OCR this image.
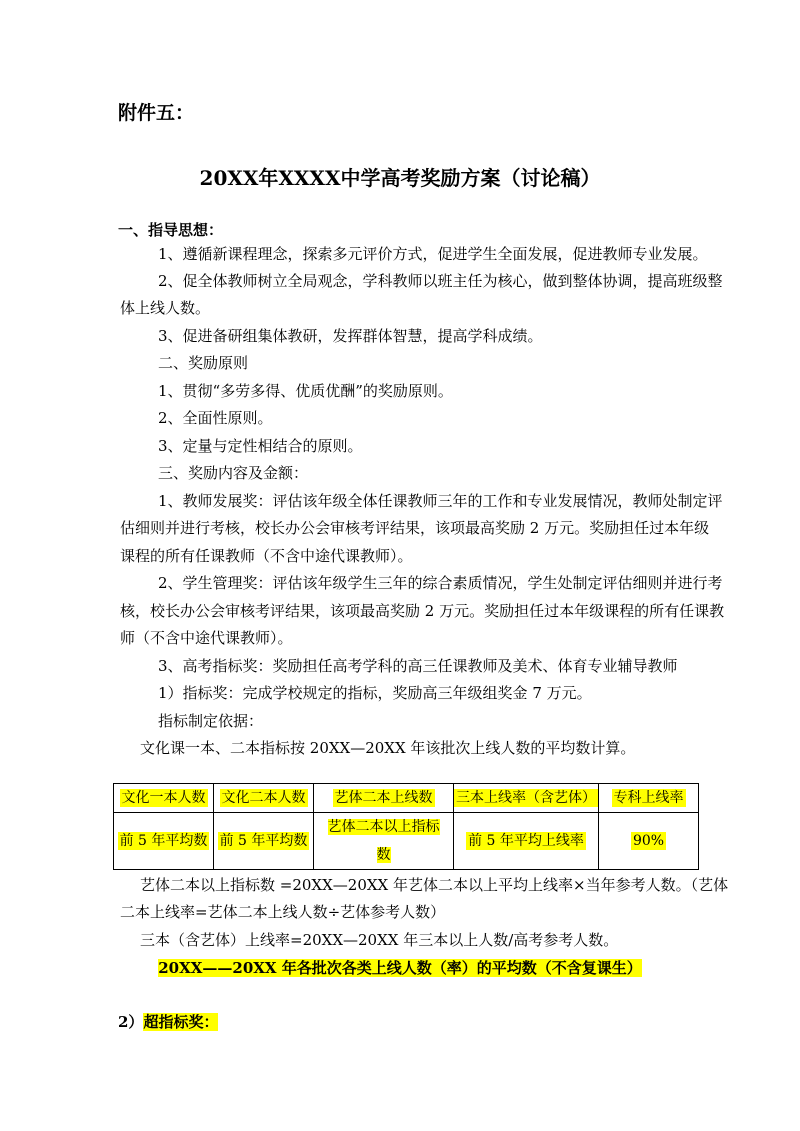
附件五：
20XX年XXXX中学高考奖励方案（讨论稿）
一、指导思想：
1、遵循新课程理念，探索多元评价方式，促进学生全面发展，促进教师专业发展。
2、促全体教师树立全局观念，学科教师以班主任为核心，做到整体协调，提高班级整
体上线人数。
3、促进备研组集体教研，发挥群体智慧，提高学科成绩。
二、奖励原则
1、贯彻“多劳多得、优质优酬”的奖励原则。
2、全面性原则。
3、定量与定性相结合的原则。
三、奖励内容及金额：
1、教师发展奖：评估该年级全体任课教师三年的工作和专业发展情况，教师处制定评
估细则并进行考核，校长办公会审核考评结果，该项最高奖励 2 万元。奖励担任过本年级
课程的所有任课教师（不含中途代课教师）。
2、学生管理奖：评估该年级学生三年的综合素质情况，学生处制定评估细则并进行考
核，校长办公会审核考评结果，该项最高奖励 2 万元。奖励担任过本年级课程的所有任课教
师（不含中途代课教师）。
3、高考指标奖：奖励担任高考学科的高三任课教师及美术、体育专业辅导教师
1）指标奖：完成学校规定的指标，奖励高三年级组奖金 7 万元。
指标制定依据：
文化课一本、二本指标按 20XX—20XX 年该批次上线人数的平均数计算。
文化一本人数	文化二本人数	艺体二本上线数	三本上线率（含艺体）	专科上线率
前 5 年平均数	前 5 年平均数	艺体二本以上指标数	前 5 年平均上线率	90%
艺体二本以上指标数 =20XX—20XX 年艺体二本以上平均上线率×当年参考人数。（艺体
二本上线率=艺体二本上线人数÷艺体参考人数）
三本（含艺体）上线率=20XX—20XX 年三本以上人数/高考参考人数。
20XX——20XX 年各批次各类上线人数（率）的平均数（不含复课生）
2）超指标奖：
